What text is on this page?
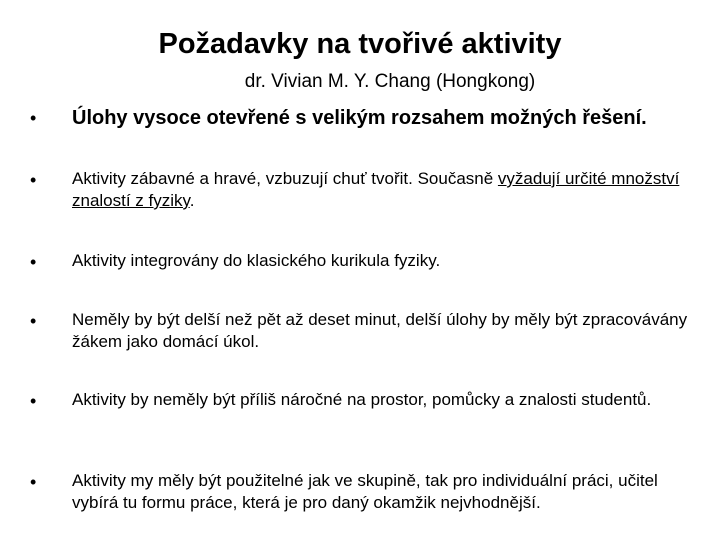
Požadavky na tvořivé aktivity
dr. Vivian M. Y. Chang (Hongkong)
•	Úlohy vysoce otevřené s velikým rozsahem možných řešení.
•	Aktivity zábavné a hravé, vzbuzují chuť tvořit. Současně vyžadují určité množství znalostí z fyziky.
•	Aktivity integrovány do klasického kurikula fyziky.
•	Neměly by být delší než pět až deset minut, delší úlohy by měly být zpracovávány žákem jako domácí úkol.
•	Aktivity by neměly být příliš náročné na prostor, pomůcky a znalosti studentů.
•	Aktivity my měly být použitelné jak ve skupině, tak pro individuální práci, učitel vybírá tu formu práce, která je pro daný okamžik nejvhodnější.
